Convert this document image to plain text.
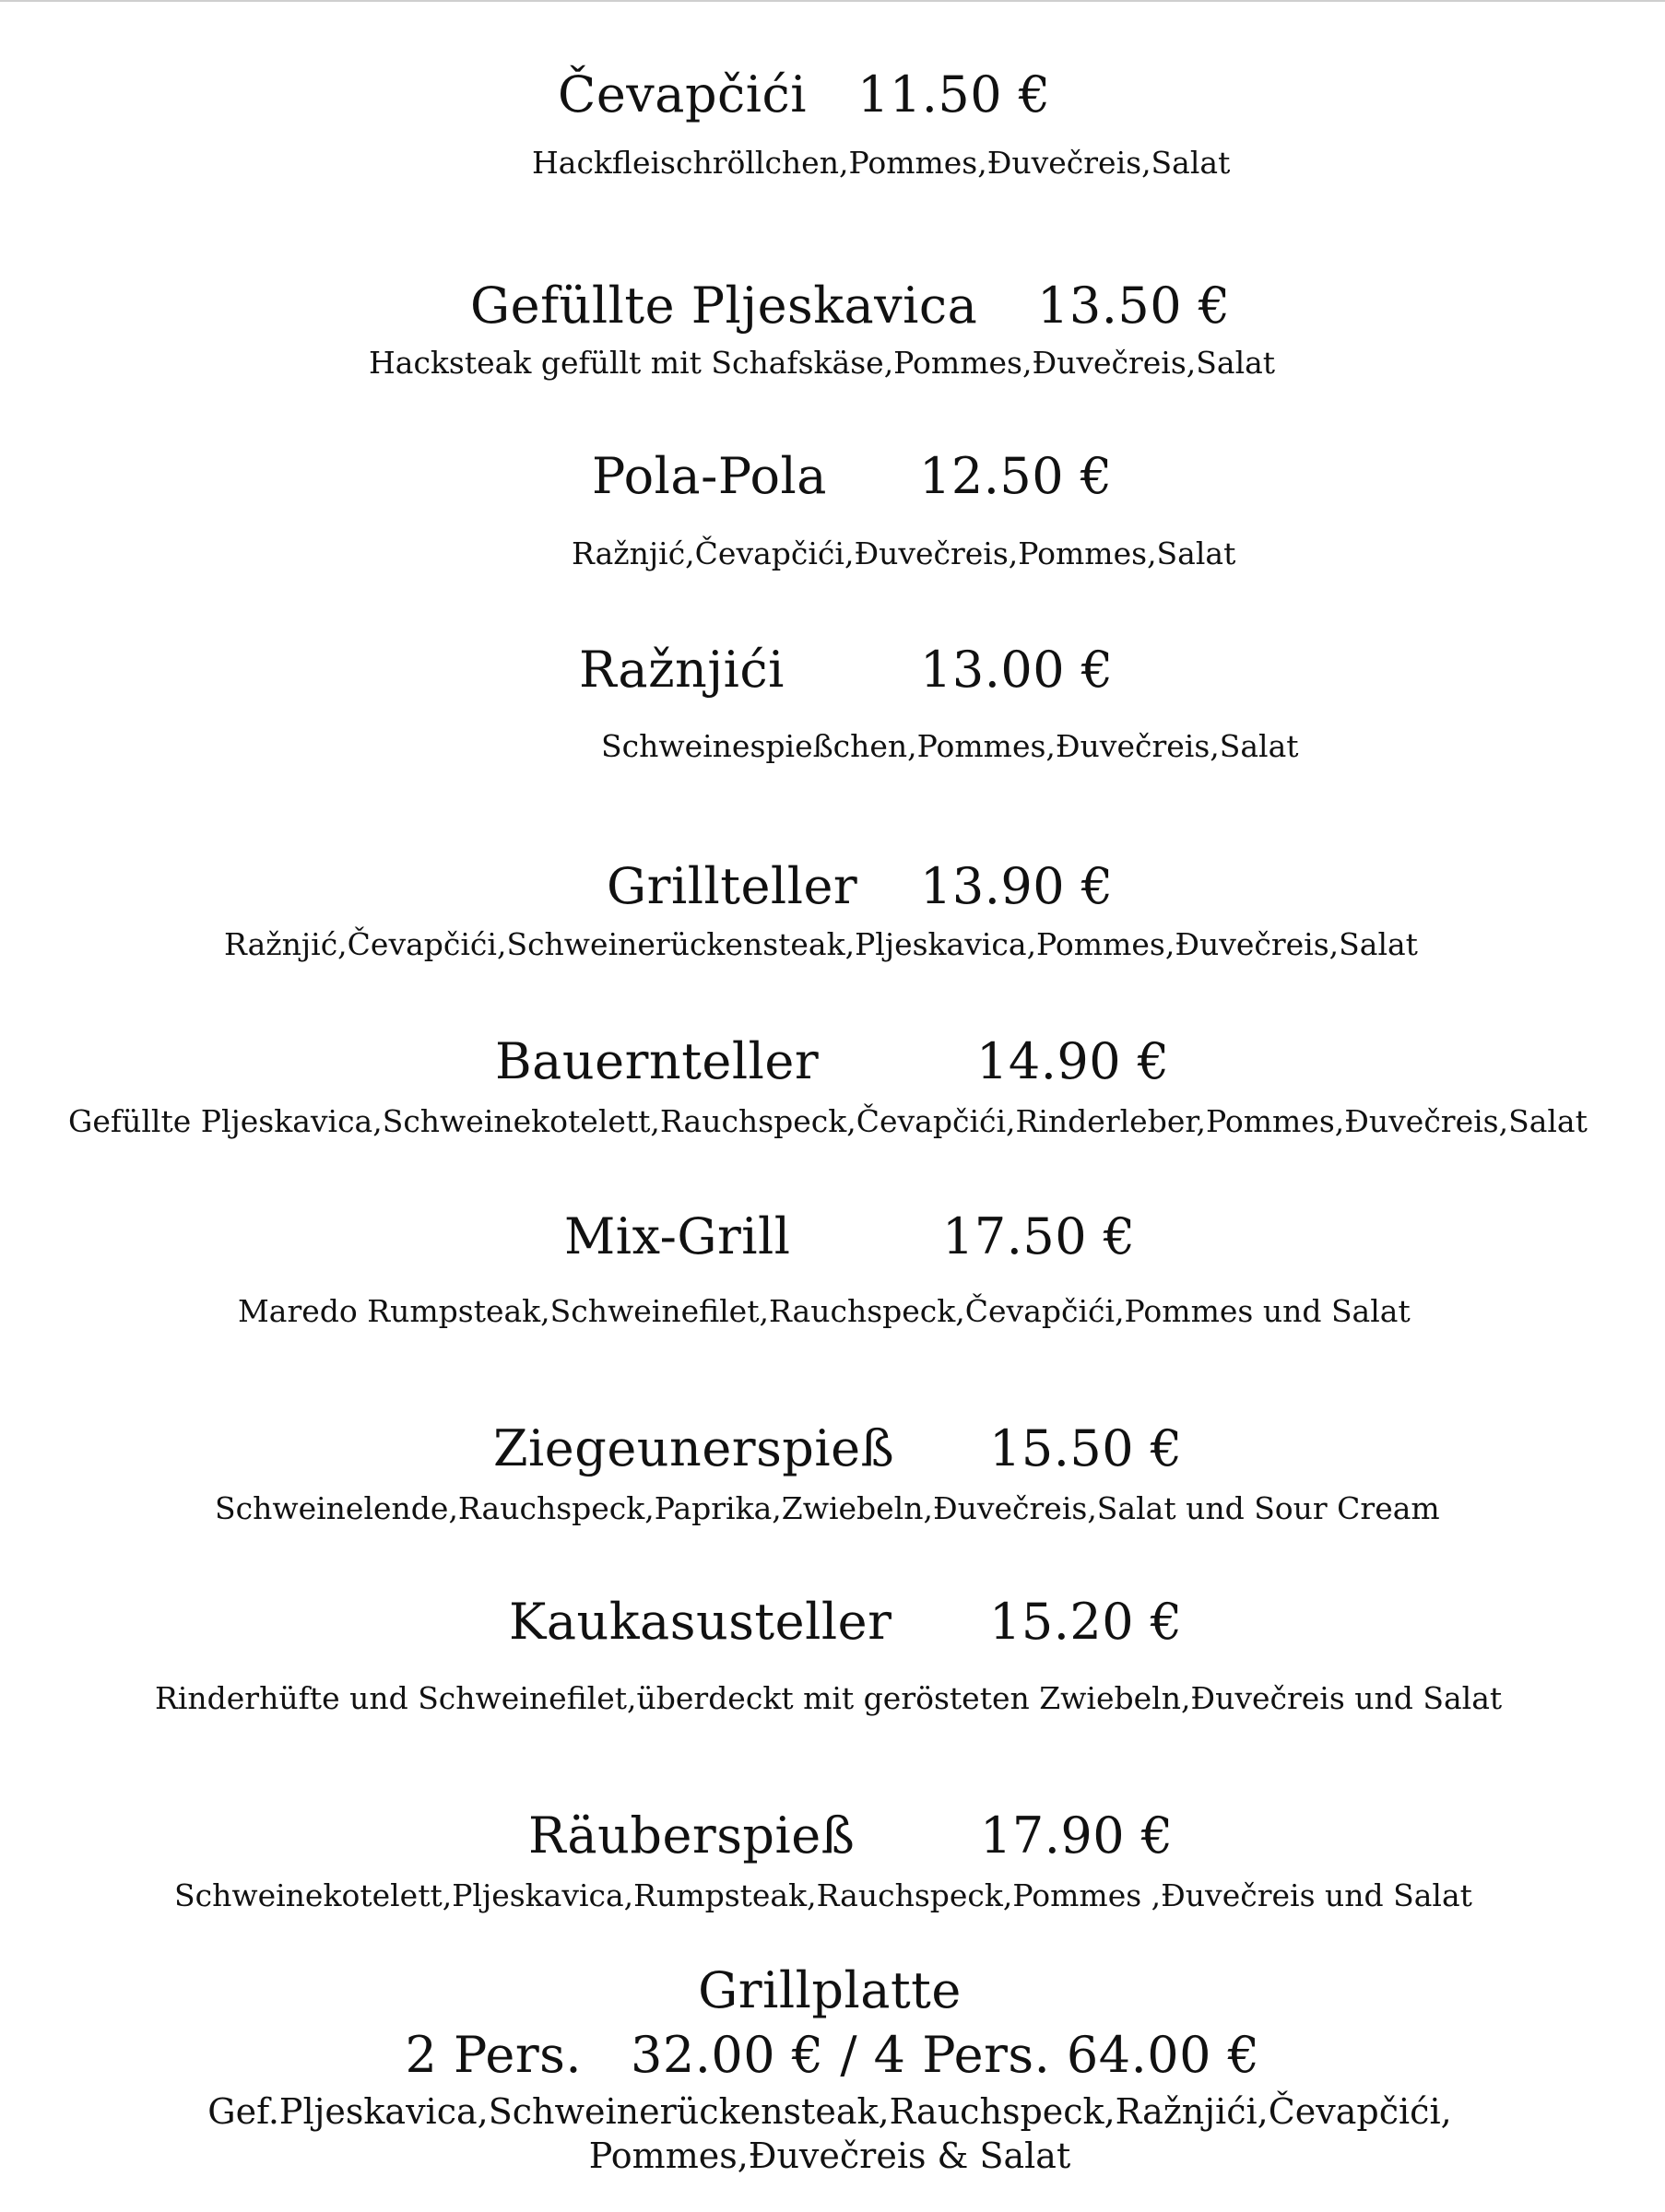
Čevapčići 11.50 €
Hackfleischröllchen,Pommes,Đuvečreis,Salat
Gefüllte Pljeskavica 13.50 €
Hacksteak gefüllt mit Schafskäse,Pommes,Đuvečreis,Salat
Pola-Pola 12.50 €
Ražnjić,Čevapčići,Đuvečreis,Pommes,Salat
Ražnjići	13.00 €
Schweinespießchen,Pommes,Đuvečreis,Salat
Grillteller 13.90 €
Ražnjić,Čevapčići,Schweinerückensteak,Pljeskavica,Pommes,Đuvečreis,Salat
Bauernteller	14.90 €
Gefüllte Pljeskavica,Schweinekotelett,Rauchspeck,Čevapčići,Rinderleber,Pommes,Đuvečreis,Salat
Mix-Grill	17.50 €
Maredo Rumpsteak,Schweinefilet,Rauchspeck,Čevapčići,Pommes und Salat
Ziegeunerspieß 15.50 €
Schweinelende,Rauchspeck,Paprika,Zwiebeln,Đuvečreis,Salat und Sour Cream
Kaukasusteller 15.20 €
Rinderhüfte und Schweinefilet,überdeckt mit gerösteten Zwiebeln,Đuvečreis und Salat
Räuberspieß	17.90 €
Schweinekotelett,Pljeskavica,Rumpsteak,Rauchspeck,Pommes ,Đuvečreis und Salat
Grillplatte
2 Pers.   32.00 € / 4 Pers. 64.00 €
Gef.Pljeskavica,Schweinerückensteak,Rauchspeck,Ražnjići,Čevapčići,
Pommes,Đuvečreis & Salat
